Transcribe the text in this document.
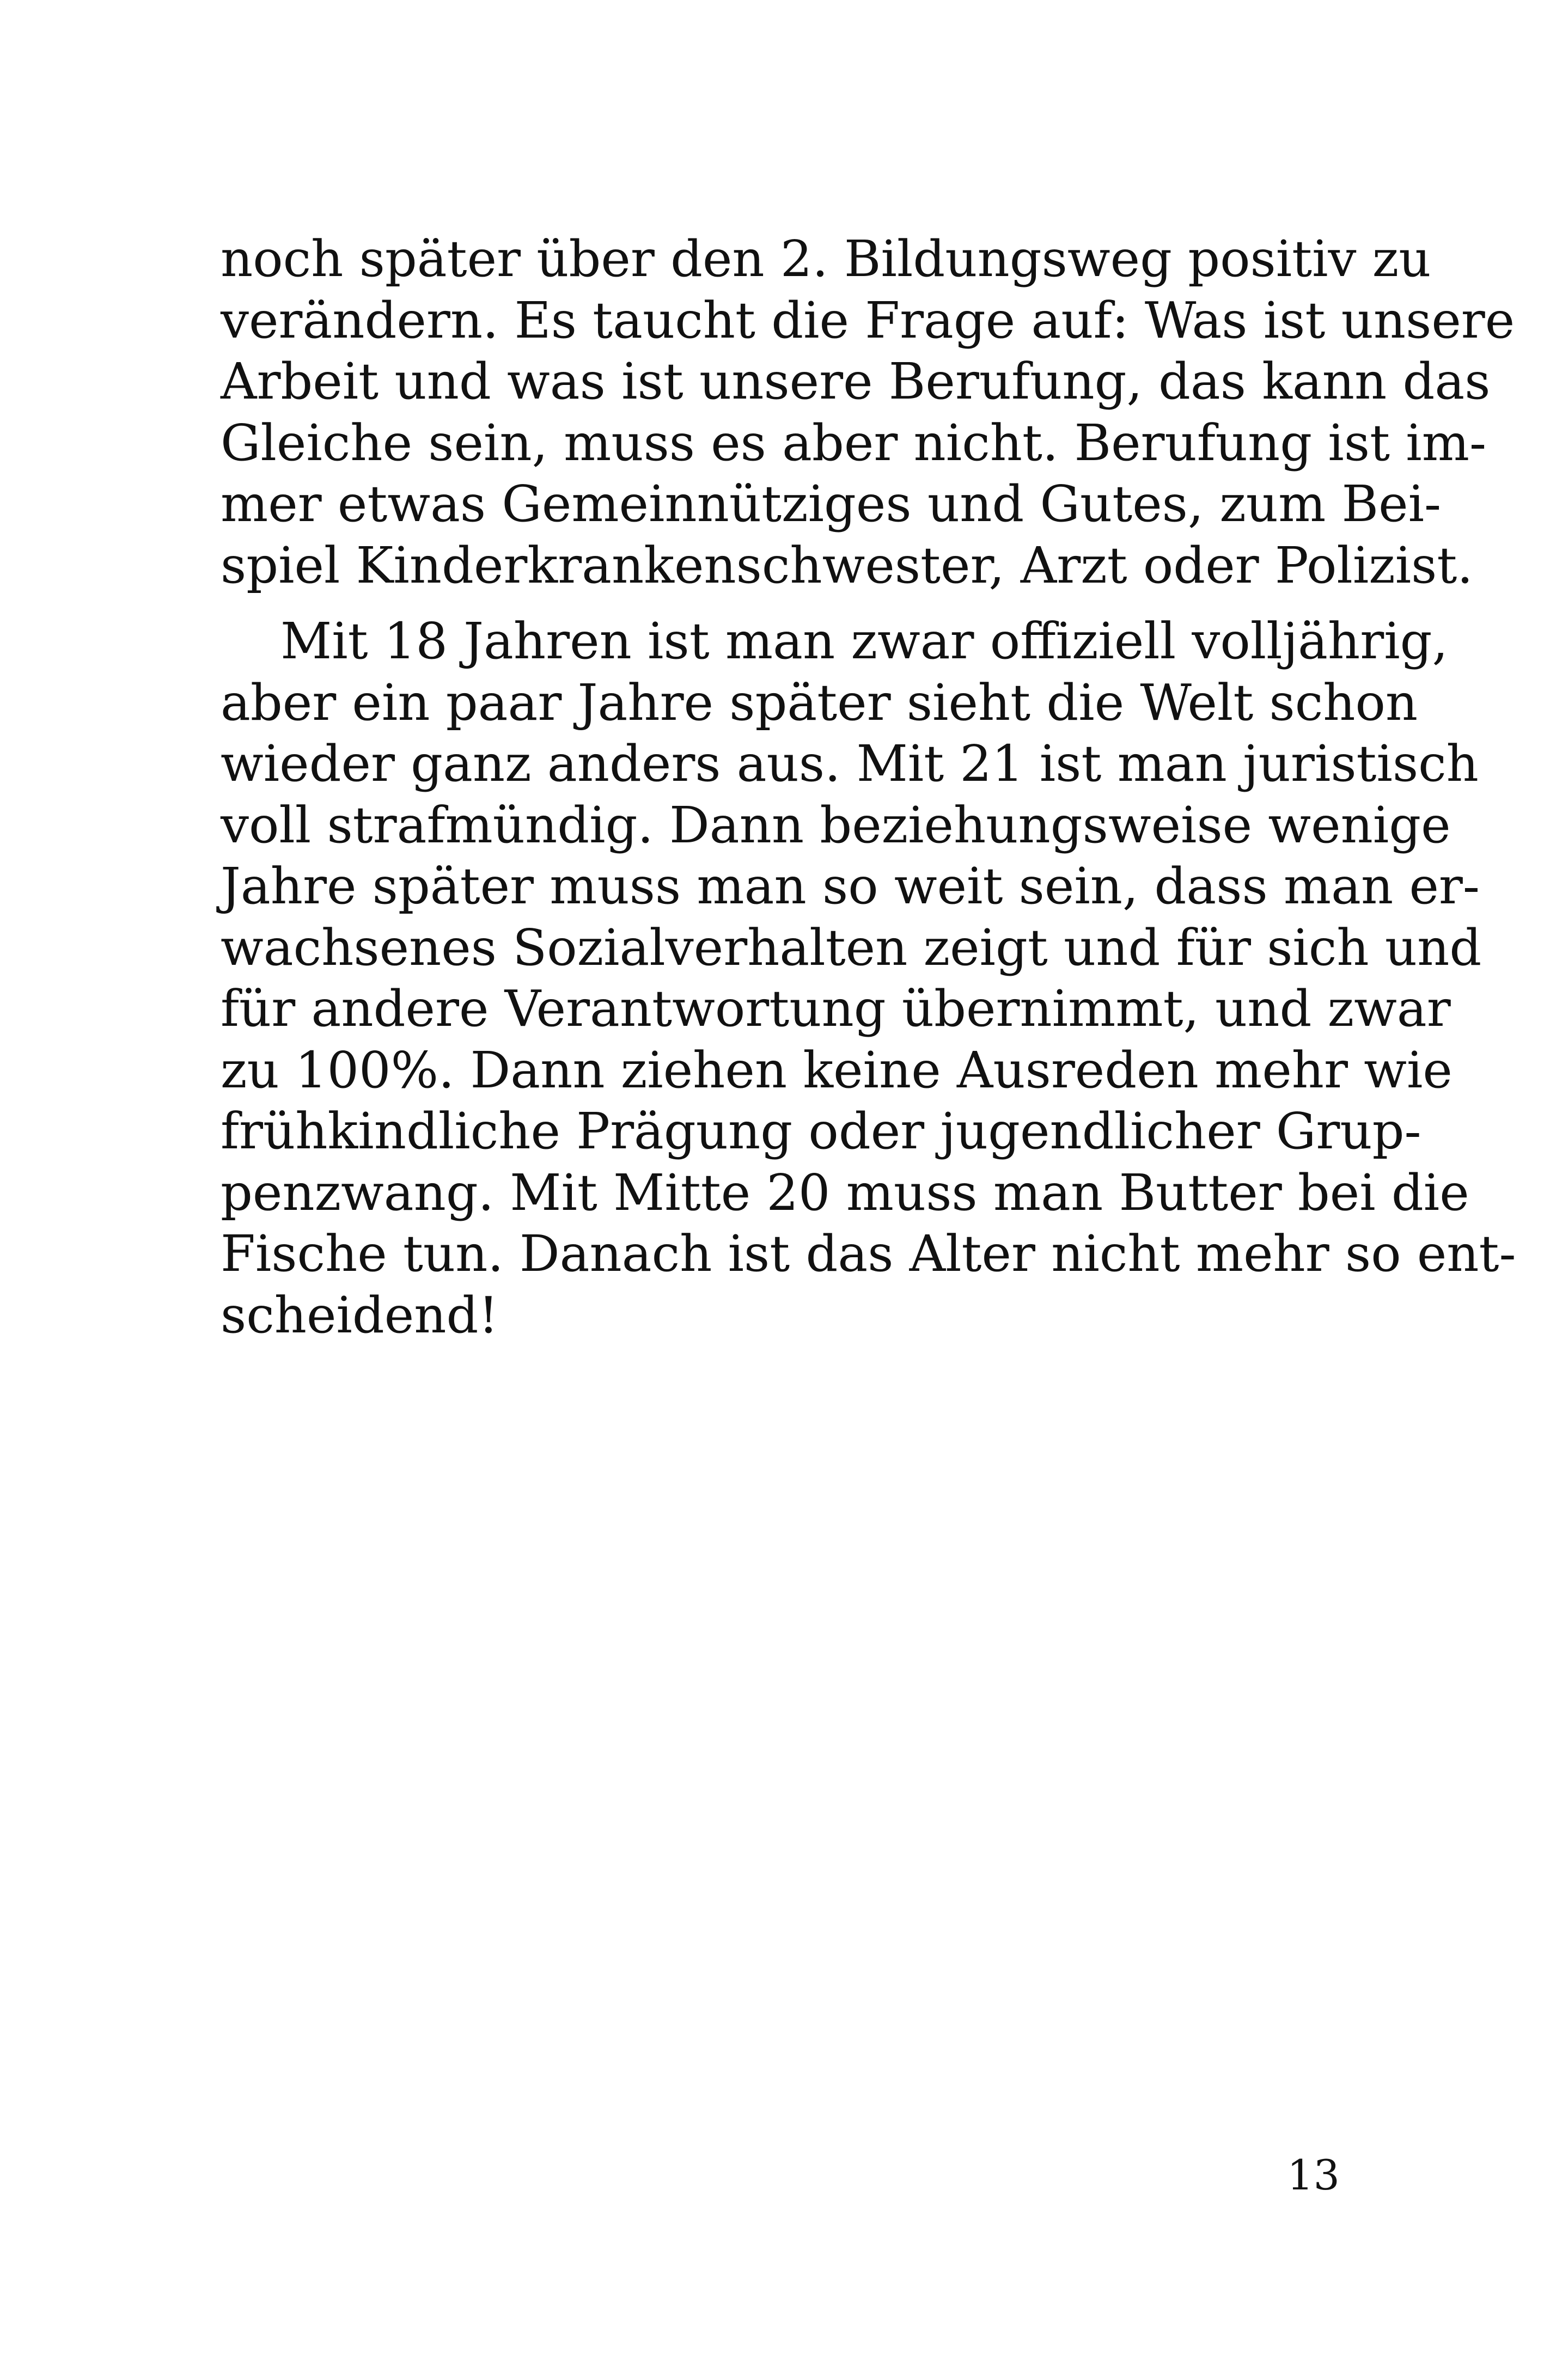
noch später über den 2. Bildungsweg positiv zu
verändern. Es taucht die Frage auf: Was ist unsere
Arbeit und was ist unsere Berufung, das kann das
Gleiche sein, muss es aber nicht. Berufung ist im-
mer etwas Gemeinnütziges und Gutes, zum Bei-
spiel Kinderkrankenschwester, Arzt oder Polizist.
Mit 18 Jahren ist man zwar offiziell volljährig,
aber ein paar Jahre später sieht die Welt schon
wieder ganz anders aus. Mit 21 ist man juristisch
voll strafmündig. Dann beziehungsweise wenige
Jahre später muss man so weit sein, dass man er-
wachsenes Sozialverhalten zeigt und für sich und
für andere Verantwortung übernimmt, und zwar
zu 100%. Dann ziehen keine Ausreden mehr wie
frühkindliche Prägung oder jugendlicher Grup-
penzwang. Mit Mitte 20 muss man Butter bei die
Fische tun. Danach ist das Alter nicht mehr so ent-
scheidend!
13
